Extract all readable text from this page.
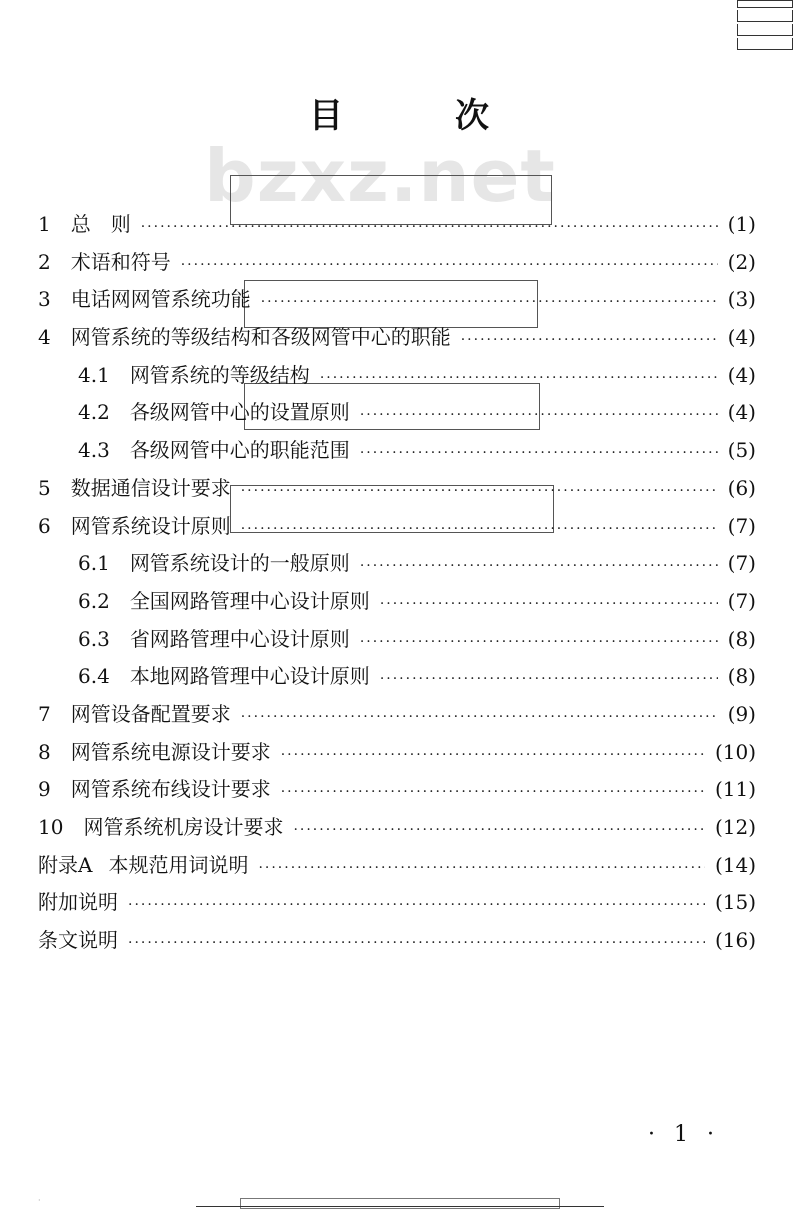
目	次
bzxz.net
1 总　则 ·····	(1)
2 术语和符号 ·····	(2)
3 电话网网管系统功能 ·····	(3)
4 网管系统的等级结构和各级网管中心的职能 ·····	(4)
4.1 网管系统的等级结构 ·····	(4)
4.2 各级网管中心的设置原则 ·····	(4)
4.3 各级网管中心的职能范围 ·····	(5)
5 数据通信设计要求 ·····	(6)
6 网管系统设计原则 ·····	(7)
6.1 网管系统设计的一般原则 ·····	(7)
6.2 全国网路管理中心设计原则 ·····	(7)
6.3 省网路管理中心设计原则 ·····	(8)
6.4 本地网路管理中心设计原则 ·····	(8)
7 网管设备配置要求 ·····	(9)
8 网管系统电源设计要求 ·····	(10)
9 网管系统布线设计要求 ·····	(11)
10 网管系统机房设计要求 ·····	(12)
附录A 本规范用词说明 ·····	(14)
附加说明 ·····	(15)
条文说明 ·····	(16)
· 1 ·
·
